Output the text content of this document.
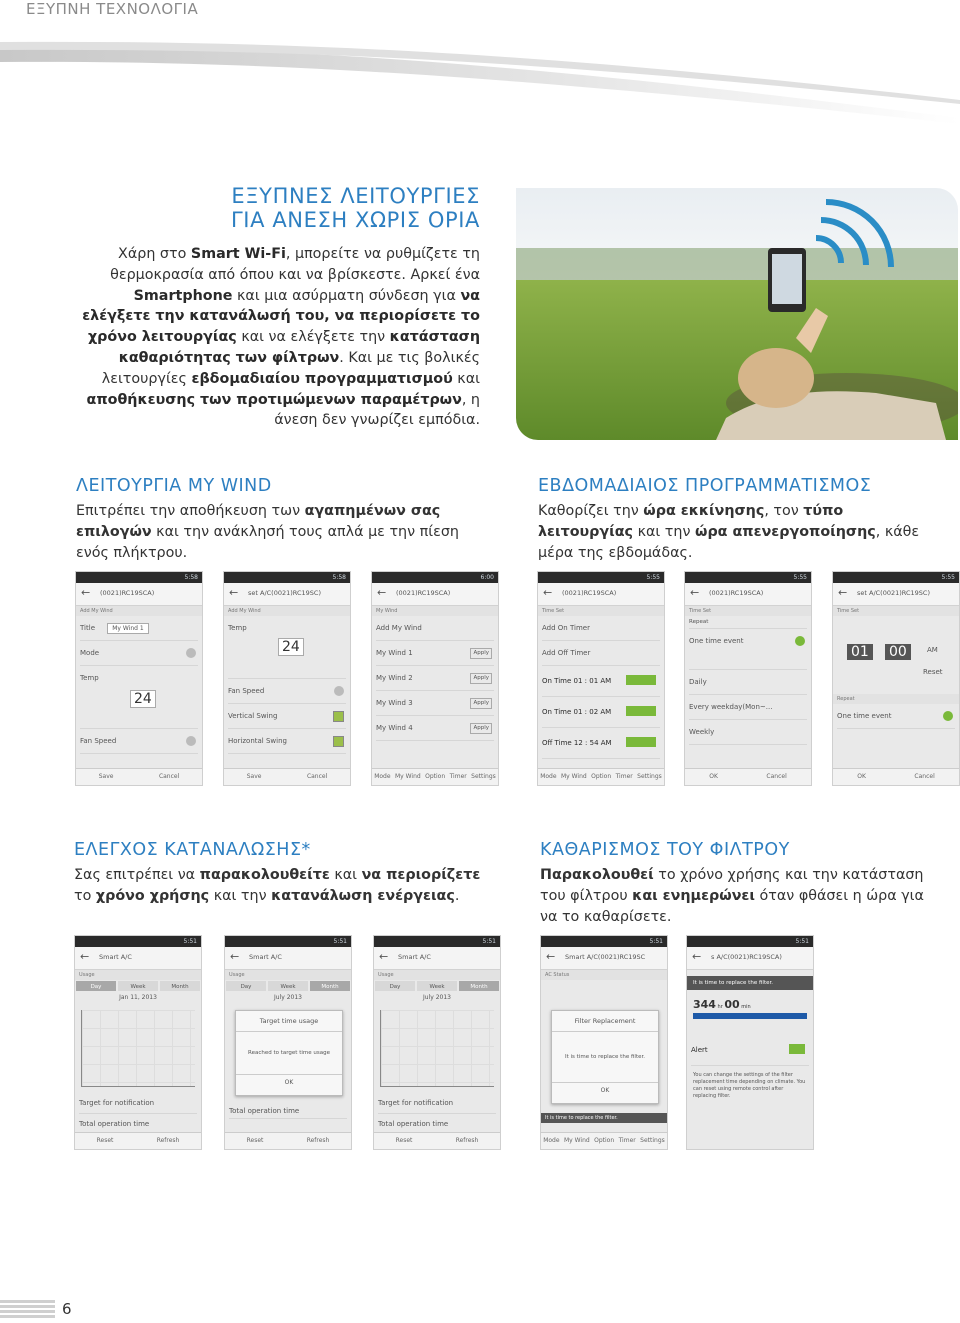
ΕΞΥΠΝΗ ΤΕΧΝΟΛΟΓΙΑ
ΕΞΥΠΝΕΣ ΛΕΙΤΟΥΡΓΙΕΣ
ΓΙΑ ΑΝΕΣΗ ΧΩΡΙΣ ΟΡΙΑ
Χάρη στο Smart Wi-Fi, μπορείτε να ρυθμίζετε τη θερμοκρασία από όπου και να βρίσκεστε. Αρκεί ένα Smartphone και μια ασύρματη σύνδεση για να ελέγξετε την κατανάλωσή του, να περιορίσετε το χρόνο λειτουργίας και να ελέγξετε την κατάσταση καθαριότητας των φίλτρων. Και με τις βολικές λειτουργίες εβδομαδιαίου προγραμματισμού και αποθήκευσης των προτιμώμενων παραμέτρων, η άνεση δεν γνωρίζει εμπόδια.
ΛΕΙΤΟΥΡΓΙΑ MY WIND
Επιτρέπει την αποθήκευση των αγαπημένων σας επιλογών και την ανάκλησή τους απλά με την πίεση ενός πλήκτρου.
ΕΒΔΟΜΑΔΙΑΙΟΣ ΠΡΟΓΡΑΜΜΑΤΙΣΜΟΣ
Καθορίζει την ώρα εκκίνησης, τον τύπο λειτουργίας και την ώρα απενεργοποίησης, κάθε μέρα της εβδομάδας.
5:58
← (0021)RC19SCA)
Add My Wind
Title	My Wind 1
Mode
Temp
24
Fan Speed
Save	Cancel
5:58
← set A/C(0021)RC19SC)
Add My Wind
Temp
24
Fan Speed
Vertical Swing
Horizontal Swing
Save	Cancel
6:00
← (0021)RC19SCA)
My Wind
Add My Wind
My Wind 1	Apply
My Wind 2	Apply
My Wind 3	Apply
My Wind 4	Apply
Mode My Wind Option Timer Settings
5:55
← (0021)RC19SCA)
Time Set
Add On Timer
Add Off Timer
On Time 01 : 01 AM
On Time 01 : 02 AM
Off Time 12 : 54 AM
Mode My Wind Option Timer Settings
5:55
← (0021)RC19SCA)
Time Set
Repeat
One time event
Daily
Every weekday(Mon~...
Weekly
OK	Cancel
5:55
← set A/C(0021)RC19SC)
Time Set
01 00	AM
Reset
Repeat
One time event
OK	Cancel
ΕΛΕΓΧΟΣ ΚΑΤΑΝΑΛΩΣΗΣ*
Σας επιτρέπει να παρακολουθείτε και να περιορίζετε το χρόνο χρήσης και την κατανάλωση ενέργειας.
ΚΑΘΑΡΙΣΜΟΣ ΤΟΥ ΦΙΛΤΡΟΥ
Παρακολουθεί το χρόνο χρήσης και την κατάσταση του φίλτρου και ενημερώνει όταν φθάσει η ώρα για να το καθαρίσετε.
5:51
← Smart A/C
Usage
Day	Week	Month
Jan 11, 2013
Target for notification
Total operation time
Reset	Refresh
5:51
← Smart A/C
Usage
Day	Week	Month
July 2013
Target time usage
Reached to target time usage
OK
Total operation time
Reset	Refresh
5:51
← Smart A/C
Usage
Day	Week	Month
July 2013
Target for notification
Total operation time
Reset	Refresh
5:51
← Smart A/C(0021)RC19SC
AC Status
Filter Replacement
It is time to replace the filter.
OK
It is time to replace the filter.
Mode My Wind Option Timer Settings
5:51
← s A/C(0021)RC19SCA)
It is time to replace the filter.
344 hr 00 min
Alert
You can change the settings of the filter replacement time depending on climate. You can reset using remote control after replacing filter.
6
